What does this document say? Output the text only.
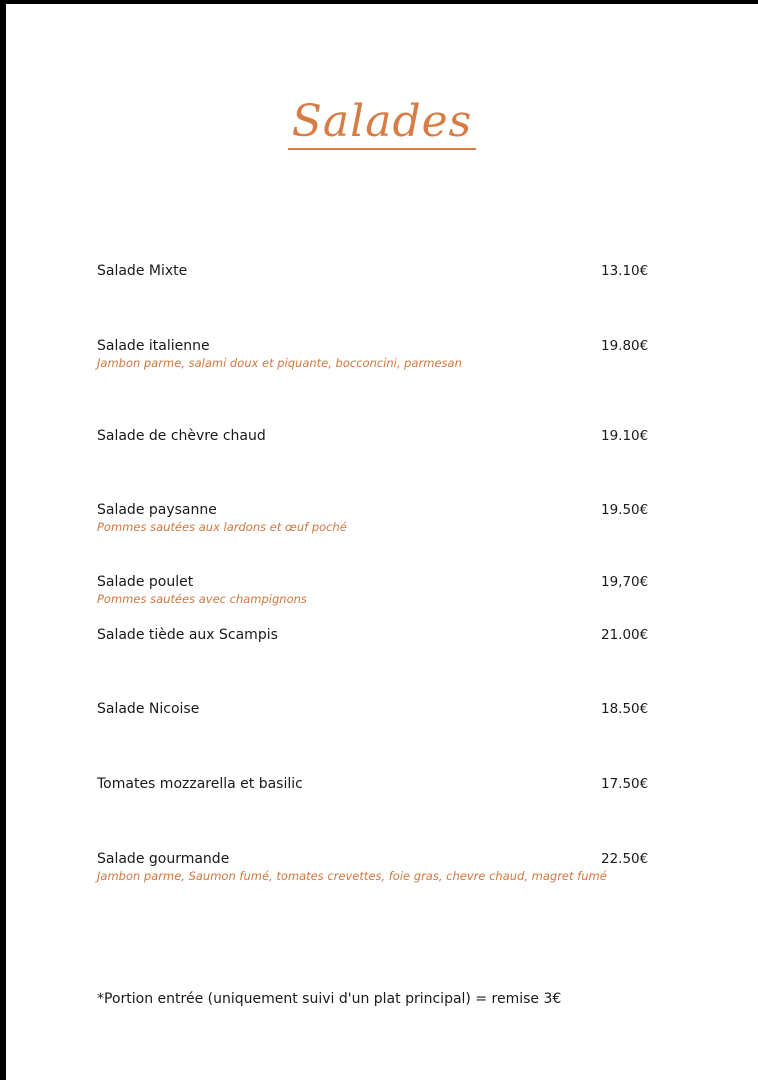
Salades
Salade Mixte	13.10€
Salade italienne	19.80€
Jambon parme, salami doux et piquante, bocconcini, parmesan
Salade de chèvre chaud	19.10€
Salade paysanne	19.50€
Pommes sautées aux lardons et œuf poché
Salade poulet	19,70€
Pommes sautées avec champignons
Salade tiède aux Scampis	21.00€
Salade Nicoise	18.50€
Tomates mozzarella et basilic	17.50€
Salade gourmande	22.50€
Jambon parme, Saumon fumé, tomates crevettes, foie gras, chevre chaud, magret fumé
*Portion entrée (uniquement suivi d'un plat principal) = remise 3€
